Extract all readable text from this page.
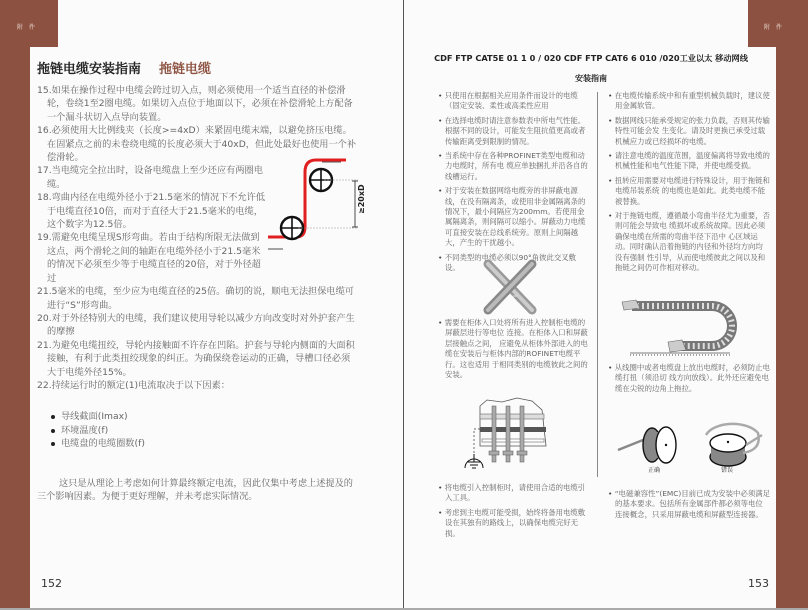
附 件
拖链电缆安装指南 拖链电缆

15.如果在操作过程中电缆会跨过切入点，则必须使用一个适当直径的补偿滑轮，卷绕1至2圈电缆。如果切入点位于地面以下，必须在补偿滑轮上方配备一个漏斗状切入点导向装置。

16.必须使用大比例线夹（长度>=4xD）来紧固电缆末端，以避免挤压电缆。在固紧点之前的未卷绕电缆的长度必须大于40xD，但此处最好也使用一个补偿滑轮。

17.当电缆完全拉出时，设备电缆盘上至少还应有两圈电缆。

18.弯曲内径在电缆外径小于21.5毫米的情况下不允许低于电缆直径10倍，而对于直径大于21.5毫米的电缆，这个数字为12.5倍。

19.需避免电缆呈现S形弯曲。若由于结构所限无法做到这点，两个滑轮之间的轴距在电缆外径小于21.5毫米的情况下必须至少等于电缆直径的20倍，对于外径超过

21.5毫米的电缆，至少应为电缆直径的25倍。确切的说，顺电无法担保电缆可进行“S”形弯曲。

20.对于外径特别大的电缆，我们建议使用导轮以减少方向改变时对外护套产生的摩擦

21.为避免电缆扭绞，导轮内接触面不许存在凹陷。护套与导轮内侧面的大面积接触，有利于此类扭绞现象的纠正。为确保绕卷运动的正确，导槽口径必须大于电缆外径15%。

22.持续运行时的额定(1)电流取决于以下因素：

导线截面(Imax)
环境温度(f)
电缆盘的电缆圈数(f)

这只是从理论上考虑如何计算最终额定电流，因此仅集中考虑上述提及的三个影响因素。为便于更好理解，并未考虑实际情况。

≥20xD
152
附 件
CDF FTP CAT5E 01 1 0 / 020 CDF FTP CAT6 6 010 /020工业以太 移动网线
安装指南

• 只使用在根据相关应用条件而设计的电缆（固定安装、柔性或高柔性应用

• 在选择电缆时请注意参数表中所电气性能。根据不同的设计，可能发生阻抗值更高或者传输距离受到限制的情况。

• 当系统中存在各种PROFINET类型电缆和动力电缆时，所有电 缆应单独捆扎并沿各自的线槽运行。

• 对于安装在数据网络电缆旁的非屏蔽电源线，在没有隔离条，或使用非金属隔离条的情况下，最小间隔应为200mm。若使用金属隔离条，则间隔可以缩小。屏蔽动力电缆可直接安装在总线系统旁。原则上间隔越大，产生的干扰越小。

• 不同类型的电缆必须以90°角彼此交叉敷设。

90°

• 需要在柜体入口处将所有进入控制柜电缆的屏蔽层进行等电位 连接。在柜体入口和屏蔽层接触点之间， 应避免从柜体外部进入的电缆在安装后与柜体内部的ROFINET电缆平行。这也适用 于相同类别的电缆彼此之间的安装。

• 将电缆引入控制柜时，请使用合适的电缆引入工具。

• 考虑到主电缆可能受损，始终将备用电缆敷设在其独有的路线上，以确保电缆完好无损。

• 在电缆传输系统中和有重型机械负载时，建议使用金属软管。

• 数据网线只能承受规定的张力负载，否则其传输特性可能会发 生变化。请及时更换已承受过载机械应力或已经损坏的电缆。

• 请注意电缆的温度范围，温度偏离将导致电缆的机械性能和电气性能下降，并使电缆受损。

• 扭转应用需要对电缆进行特殊设计，用于拖链和电缆吊装系统 的电缆也是如此。此类电缆不能被替换。

• 对于拖链电缆，遵循最小弯曲半径尤为重要，否则可能会导致电 缆损坏或系统故障。因此必须确保电缆在所需的弯曲半径下沿中 心区域运动。同时确认沿着拖链的内径和外径均方向均没有强制 性引导，从而使电缆彼此之间以及和拖链之间仍可作相对移动。

• 从线圈中或者电缆盘上放出电缆时，必须防止电缆打扭（须沿切 线方向放线）。此外还应避免电缆在尖锐的边角上拖拉。

正确	错误

• “电磁兼容性”(EMC)目前已成为安装中必须满足的基本要求。包括所有金属部件都必须等电位连接概念，只采用屏蔽电缆和屏蔽型连接器。

153
